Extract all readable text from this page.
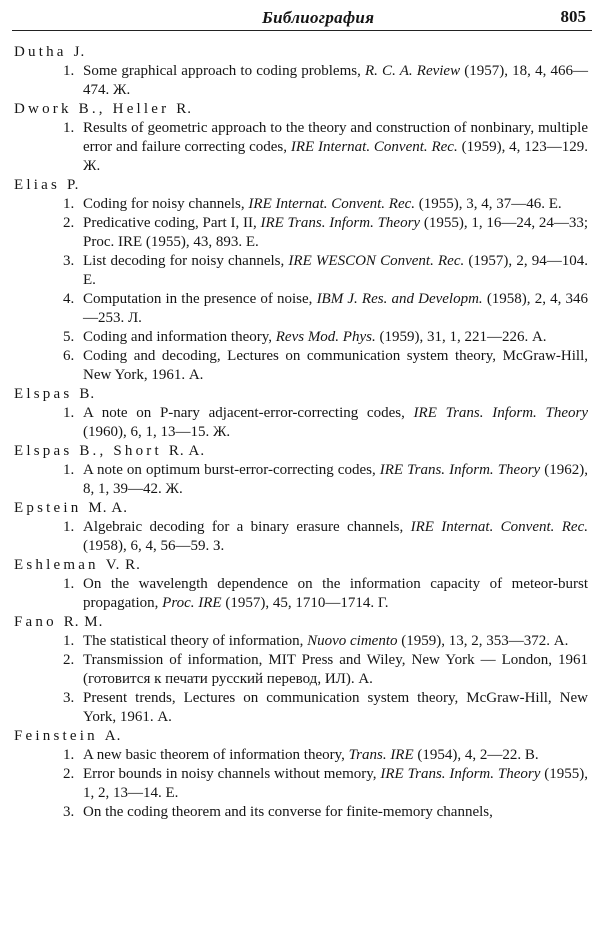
Библиография	805
Dutha J.
1. Some graphical approach to coding problems, R. C. A. Review (1957), 18, 4, 466—474. Ж.
Dwork B., Heller R.
1. Results of geometric approach to the theory and construction of nonbinary, multiple error and failure correcting codes, IRE Internat. Convent. Rec. (1959), 4, 123—129. Ж.
Elias P.
1. Coding for noisy channels, IRE Internat. Convent. Rec. (1955), 3, 4, 37—46. Е.
2. Predicative coding, Part I, II, IRE Trans. Inform. Theory (1955), 1, 16—24, 24—33; Proc. IRE (1955), 43, 893. Е.
3. List decoding for noisy channels, IRE WESCON Convent. Rec. (1957), 2, 94—104. Е.
4. Computation in the presence of noise, IBM J. Res. and Developm. (1958), 2, 4, 346—253. Л.
5. Coding and information theory, Revs Mod. Phys. (1959), 31, 1, 221—226. А.
6. Coding and decoding, Lectures on communication system theory, McGraw-Hill, New York, 1961. А.
Elspas B.
1. A note on P-nary adjacent-error-correcting codes, IRE Trans. Inform. Theory (1960), 6, 1, 13—15. Ж.
Elspas B., Short R. A.
1. A note on optimum burst-error-correcting codes, IRE Trans. Inform. Theory (1962), 8, 1, 39—42. Ж.
Epstein M. A.
1. Algebraic decoding for a binary erasure channels, IRE Internat. Convent. Rec. (1958), 6, 4, 56—59. З.
Eshleman V. R.
1. On the wavelength dependence on the information capacity of meteor-burst propagation, Proc. IRE (1957), 45, 1710—1714. Г.
Fano R. M.
1. The statistical theory of information, Nuovo cimento (1959), 13, 2, 353—372. А.
2. Transmission of information, MIT Press and Wiley, New York — London, 1961 (готовится к печати русский перевод, ИЛ). А.
3. Present trends, Lectures on communication system theory, McGraw-Hill, New York, 1961. А.
Feinstein A.
1. A new basic theorem of information theory, Trans. IRE (1954), 4, 2—22. В.
2. Error bounds in noisy channels without memory, IRE Trans. Inform. Theory (1955), 1, 2, 13—14. Е.
3. On the coding theorem and its converse for finite-memory channels,
